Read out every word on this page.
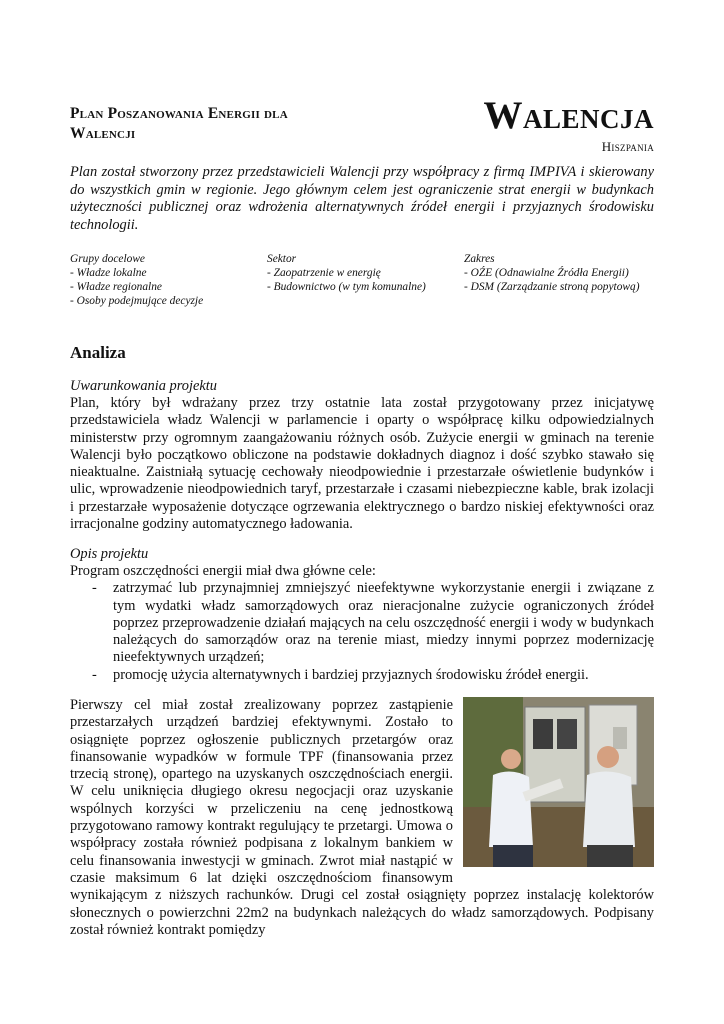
Plan Poszanowania Energii dla Walencji	Walencja
Hiszpania

Plan został stworzony przez przedstawicieli Walencji przy współpracy z firmą IMPIVA i skierowany do wszystkich gmin w regionie. Jego głównym celem jest ograniczenie strat energii w budynkach użyteczności publicznej oraz wdrożenia alternatywnych źródeł energii i przyjaznych środowisku technologii.

Grupy docelowe
- Władze lokalne
- Władze regionalne
- Osoby podejmujące decyzje
Sektor
- Zaopatrzenie w energię
- Budownictwo (w tym komunalne)
Zakres
- OŹE (Odnawialne Źródła Energii)
- DSM (Zarządzanie stroną popytową)
Analiza

Uwarunkowania projektu

Plan, który był wdrażany przez trzy ostatnie lata został przygotowany przez inicjatywę przedstawiciela władz Walencji w parlamencie i oparty o współpracę kilku odpowiedzialnych ministerstw przy ogromnym zaangażowaniu różnych osób. Zużycie energii w gminach na terenie Walencji było początkowo obliczone na podstawie dokładnych diagnoz i dość szybko stawało się nieaktualne. Zaistniałą sytuację cechowały nieodpowiednie i przestarzałe oświetlenie budynków i ulic, wprowadzenie nieodpowiednich taryf, przestarzałe i czasami niebezpieczne kable, brak izolacji i przestarzałe wyposażenie dotyczące ogrzewania elektrycznego o bardzo niskiej efektywności oraz irracjonalne godziny automatycznego ładowania.

Opis projektu

Program oszczędności energii miał dwa główne cele:

- zatrzymać lub przynajmniej zmniejszyć nieefektywne wykorzystanie energii i związane z tym wydatki władz samorządowych oraz nieracjonalne zużycie ograniczonych źródeł poprzez przeprowadzenie działań mających na celu oszczędność energii i wody w budynkach należących do samorządów oraz na terenie miast, miedzy innymi poprzez modernizację nieefektywnych urządzeń;
- promocję użycia alternatywnych i bardziej przyjaznych środowisku źródeł energii.
Pierwszy cel miał został zrealizowany poprzez zastąpienie przestarzałych urządzeń bardziej efektywnymi. Zostało to osiągnięte poprzez ogłoszenie publicznych przetargów oraz finansowanie wypadków w formule TPF (finansowania przez trzecią stronę), opartego na uzyskanych oszczędnościach energii. W celu uniknięcia długiego okresu negocjacji oraz uzyskanie wspólnych korzyści w przeliczeniu na cenę jednostkową przygotowano ramowy kontrakt regulujący te przetargi. Umowa o współpracy została również podpisana z lokalnym bankiem w celu finansowania inwestycji w gminach. Zwrot miał nastąpić w czasie maksimum 6 lat dzięki oszczędnościom finansowym wynikającym z niższych rachunków. Drugi cel został osiągnięty poprzez instalację kolektorów słonecznych o powierzchni 22m2 na budynkach należących do władz samorządowych. Podpisany został również kontrakt pomiędzy
